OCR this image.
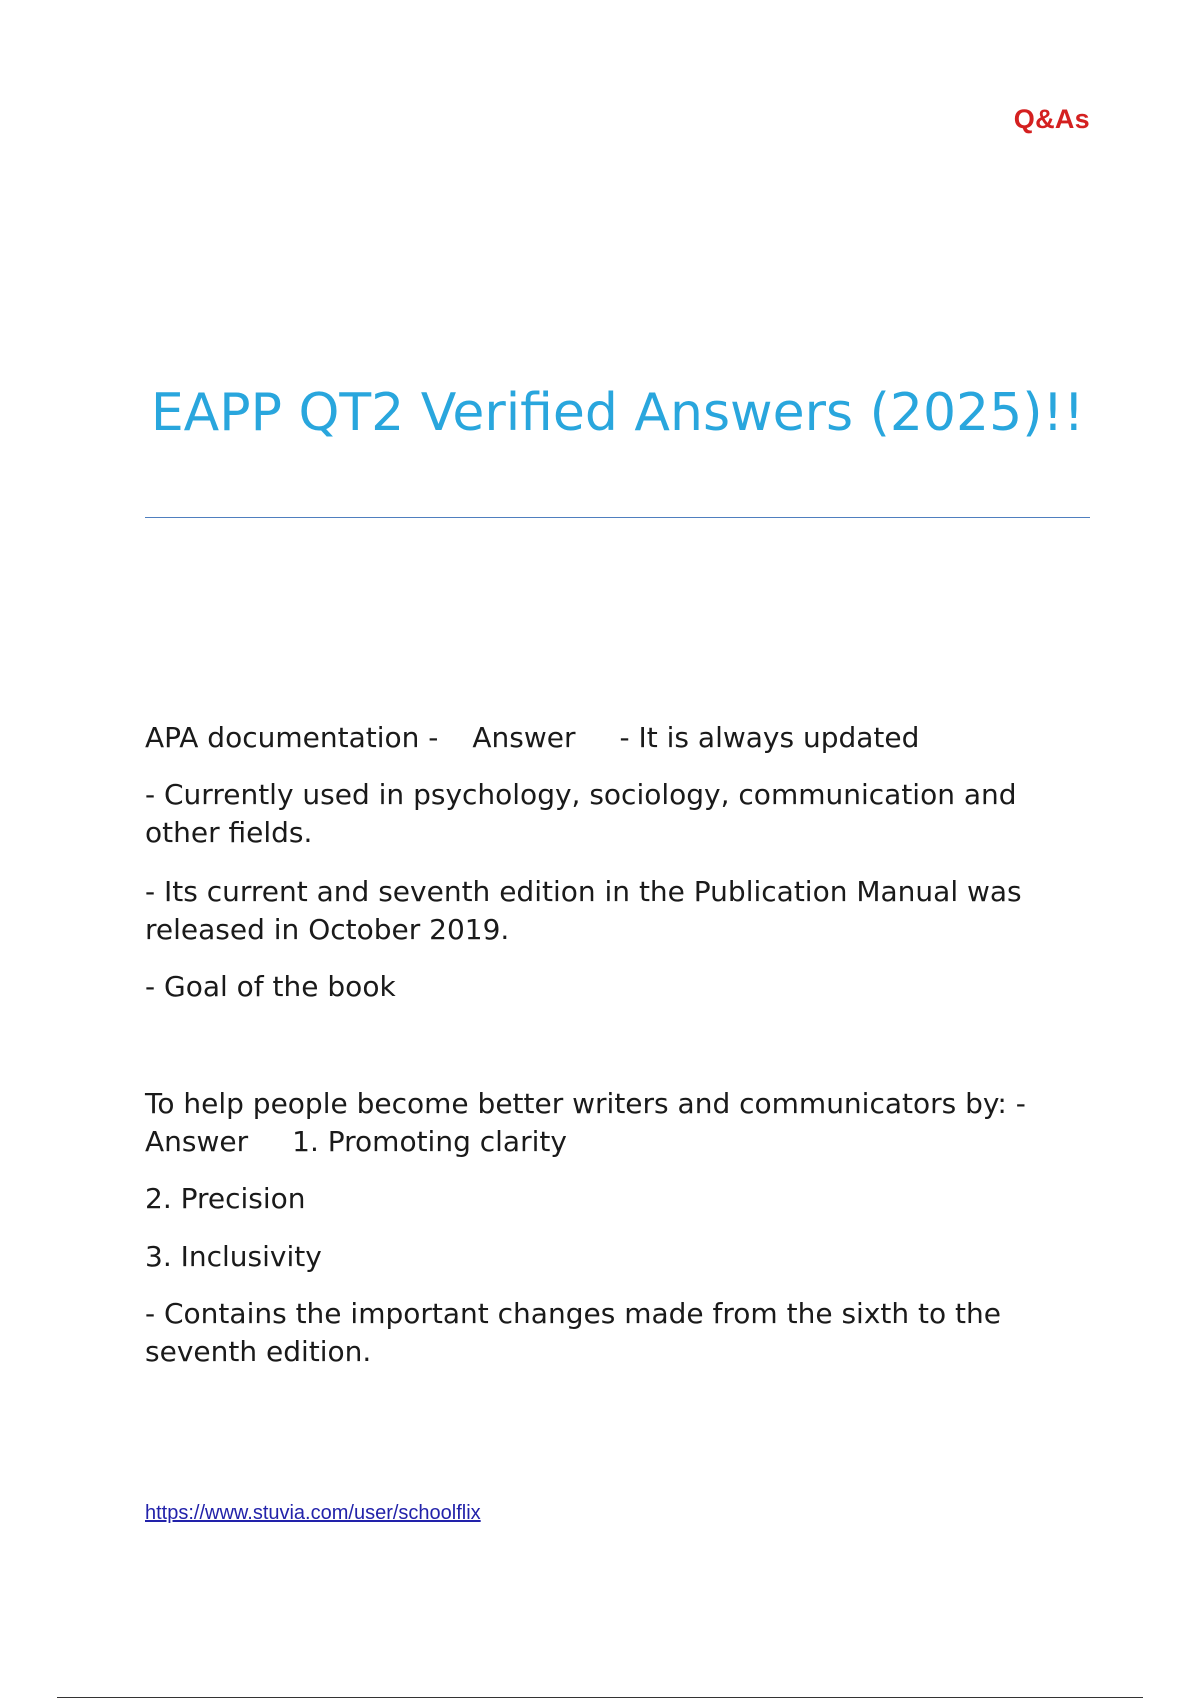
Q&As
EAPP QT2 Verified Answers (2025)!!

APA documentation - Answer - It is always updated

- Currently used in psychology, sociology, communication and other fields.

- Its current and seventh edition in the Publication Manual was released in October 2019.

- Goal of the book

To help people become better writers and communicators by: - Answer 1. Promoting clarity

2. Precision

3. Inclusivity

- Contains the important changes made from the sixth to the seventh edition.

https://www.stuvia.com/user/schoolflix
